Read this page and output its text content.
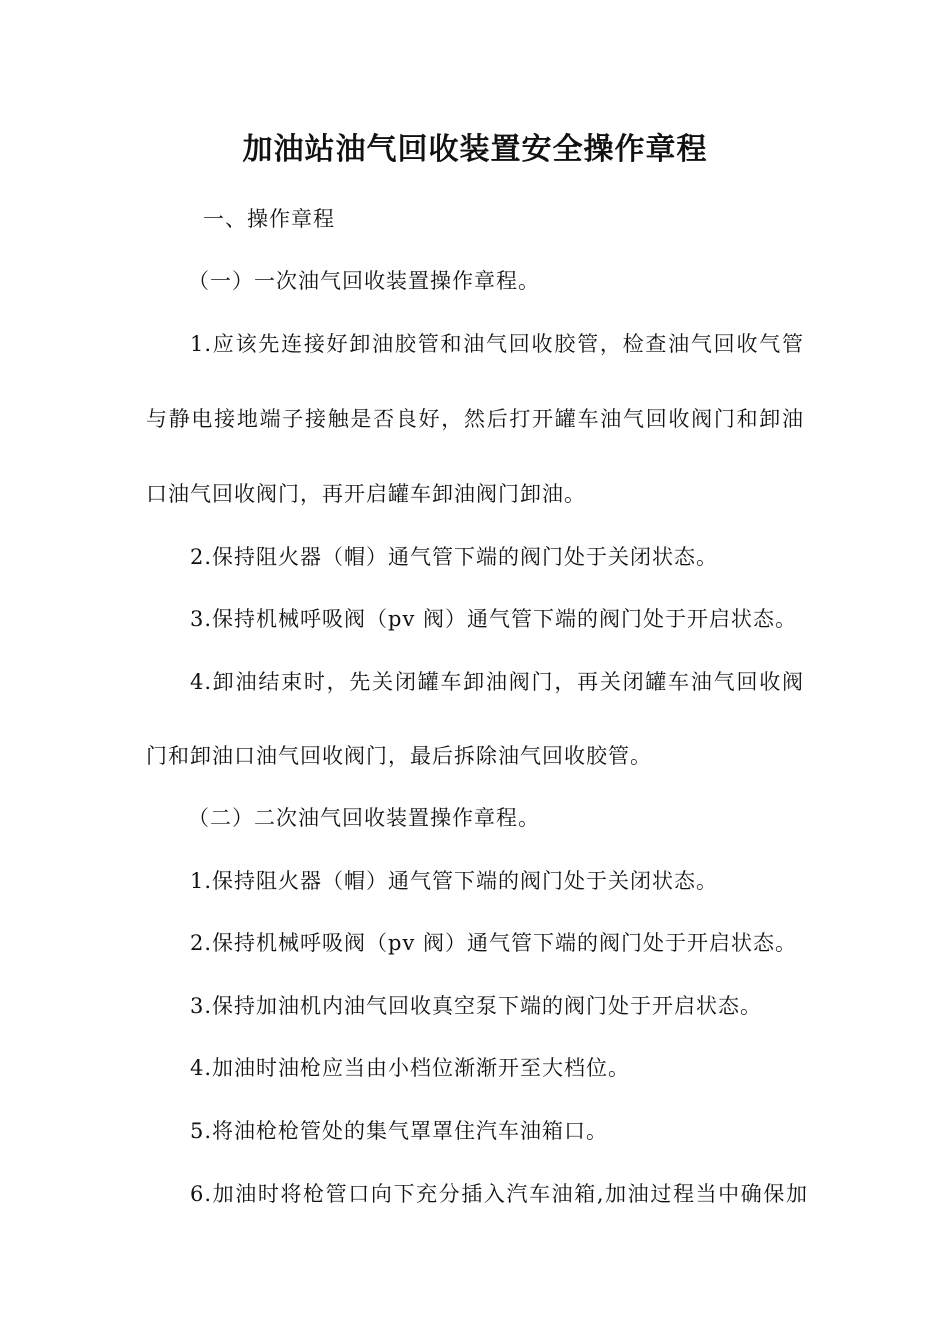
加油站油气回收装置安全操作章程
一、操作章程
（一）一次油气回收装置操作章程。
1.应该先连接好卸油胶管和油气回收胶管，检查油气回收气管
与静电接地端子接触是否良好，然后打开罐车油气回收阀门和卸油
口油气回收阀门，再开启罐车卸油阀门卸油。
2.保持阻火器（帽）通气管下端的阀门处于关闭状态。
3.保持机械呼吸阀（pv 阀）通气管下端的阀门处于开启状态。
4.卸油结束时，先关闭罐车卸油阀门，再关闭罐车油气回收阀
门和卸油口油气回收阀门，最后拆除油气回收胶管。
（二）二次油气回收装置操作章程。
1.保持阻火器（帽）通气管下端的阀门处于关闭状态。
2.保持机械呼吸阀（pv 阀）通气管下端的阀门处于开启状态。
3.保持加油机内油气回收真空泵下端的阀门处于开启状态。
4.加油时油枪应当由小档位渐渐开至大档位。
5.将油枪枪管处的集气罩罩住汽车油箱口。
6.加油时将枪管口向下充分插入汽车油箱,加油过程当中确保加
